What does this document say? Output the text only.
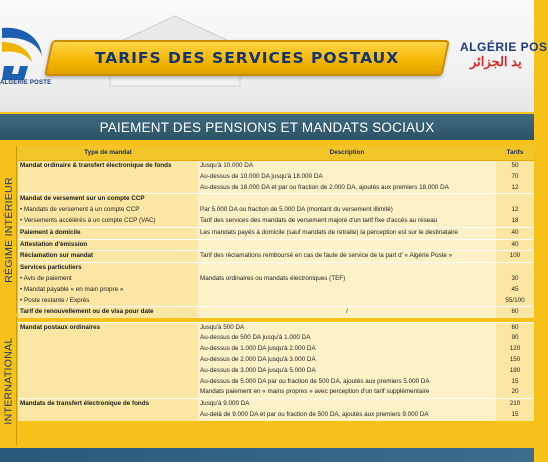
ALGÉRIE POSTE
TARIFS DES SERVICES POSTAUX
ALGÉRIE POS
يد الجزائر
PAIEMENT DES PENSIONS ET MANDATS SOCIAUX
RÉGIME INTÉRIEUR
INTERNATIONAL
Type de mandat	Description	Tarifs
Mandat ordinaire & transfert électronique de fonds	Jusqu'à 10.000 DA	50
	Au-dessus de 10.000 DA jusqu'à 18.000 DA	70
	Au-dessus de 18.000 DA et par ou fraction de 2.000 DA, ajoutés aux premiers 18.000 DA	12
Mandat de versement sur un compte CCP		
• Mandats de versement à un compte CCP	Par 5.000 DA ou fraction de 5.000 DA (montant du versement illimité)	12
• Versements accélérés à un compte CCP (VAC)	Tarif des services des mandats de versement majoré d'un tarif fixe d'accès au réseau	18
Paiement à domicile	Les mandats payés à domicile (sauf mandats de retraite) la perception est sur le destinataire	40
Attestation d'émission		40
Réclamation sur mandat	Tarif des réclamations remboursé en cas de faute de service de la part d' « Algérie Poste »	100
Services particuliers		
• Avis de paiement	Mandats ordinaires ou mandats électroniques (TEF)	30
• Mandat payable « en main propre »		45
• Poste restante / Exprès		55/100
Tarif de renouvellement ou de visa pour date	/	60

Mandat postaux ordinaires	Jusqu'à 500 DA	60
	Au-dessus de 500 DA jusqu'à 1.000 DA	90
	Au-dessus de 1.000 DA jusqu'à 2.000 DA	120
	Au-dessus de 2.000 DA jusqu'à 3.000 DA	150
	Au-dessus de 3.000 DA jusqu'à 5.000 DA	180
	Au-dessus de 5.000 DA par ou fraction de 500 DA, ajoutés aux premiers 5.000 DA	15
	Mandats paiement en « mains propres » avec perception d'un tarif supplémentaire	20
Mandats de transfert électronique de fonds	Jusqu'à 9.000 DA	210
	Au-delà de 9.000 DA et par ou fraction de 500 DA, ajoutés aux premiers 9.000 DA	15
